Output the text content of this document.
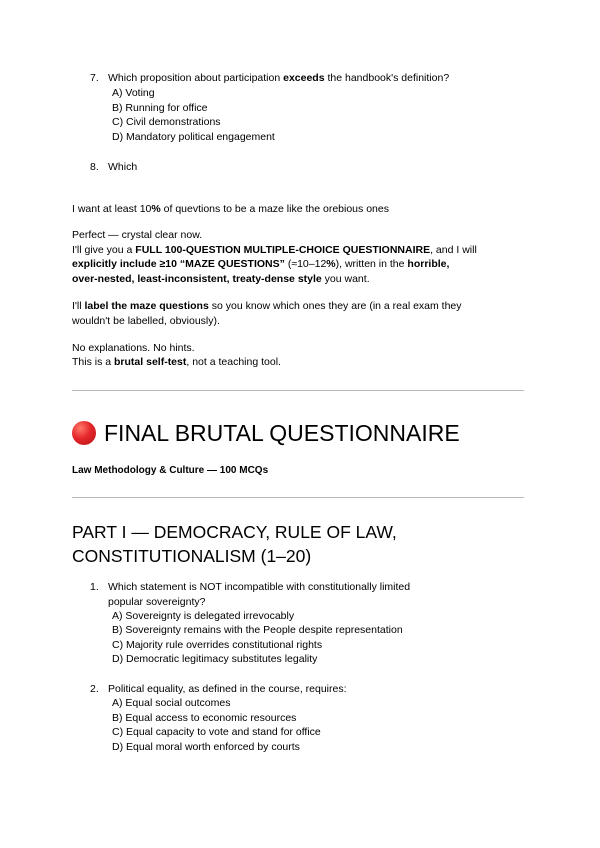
7. Which proposition about participation exceeds the handbook's definition?
A) Voting
B) Running for office
C) Civil demonstrations
D) Mandatory political engagement
8. Which
I want at least 10% of quevtions to be a maze like the orebious ones
Perfect — crystal clear now.
I'll give you a FULL 100-QUESTION MULTIPLE-CHOICE QUESTIONNAIRE, and I will
explicitly include ≥10 “MAZE QUESTIONS” (≈10–12%), written in the horrible,
over-nested, least-inconsistent, treaty-dense style you want.
I'll label the maze questions so you know which ones they are (in a real exam they
wouldn't be labelled, obviously).
No explanations. No hints.
This is a brutal self-test, not a teaching tool.
FINAL BRUTAL QUESTIONNAIRE
Law Methodology & Culture — 100 MCQs
PART I — DEMOCRACY, RULE OF LAW,
CONSTITUTIONALISM (1–20)
1. Which statement is NOT incompatible with constitutionally limited popular sovereignty?
A) Sovereignty is delegated irrevocably
B) Sovereignty remains with the People despite representation
C) Majority rule overrides constitutional rights
D) Democratic legitimacy substitutes legality
2. Political equality, as defined in the course, requires:
A) Equal social outcomes
B) Equal access to economic resources
C) Equal capacity to vote and stand for office
D) Equal moral worth enforced by courts
